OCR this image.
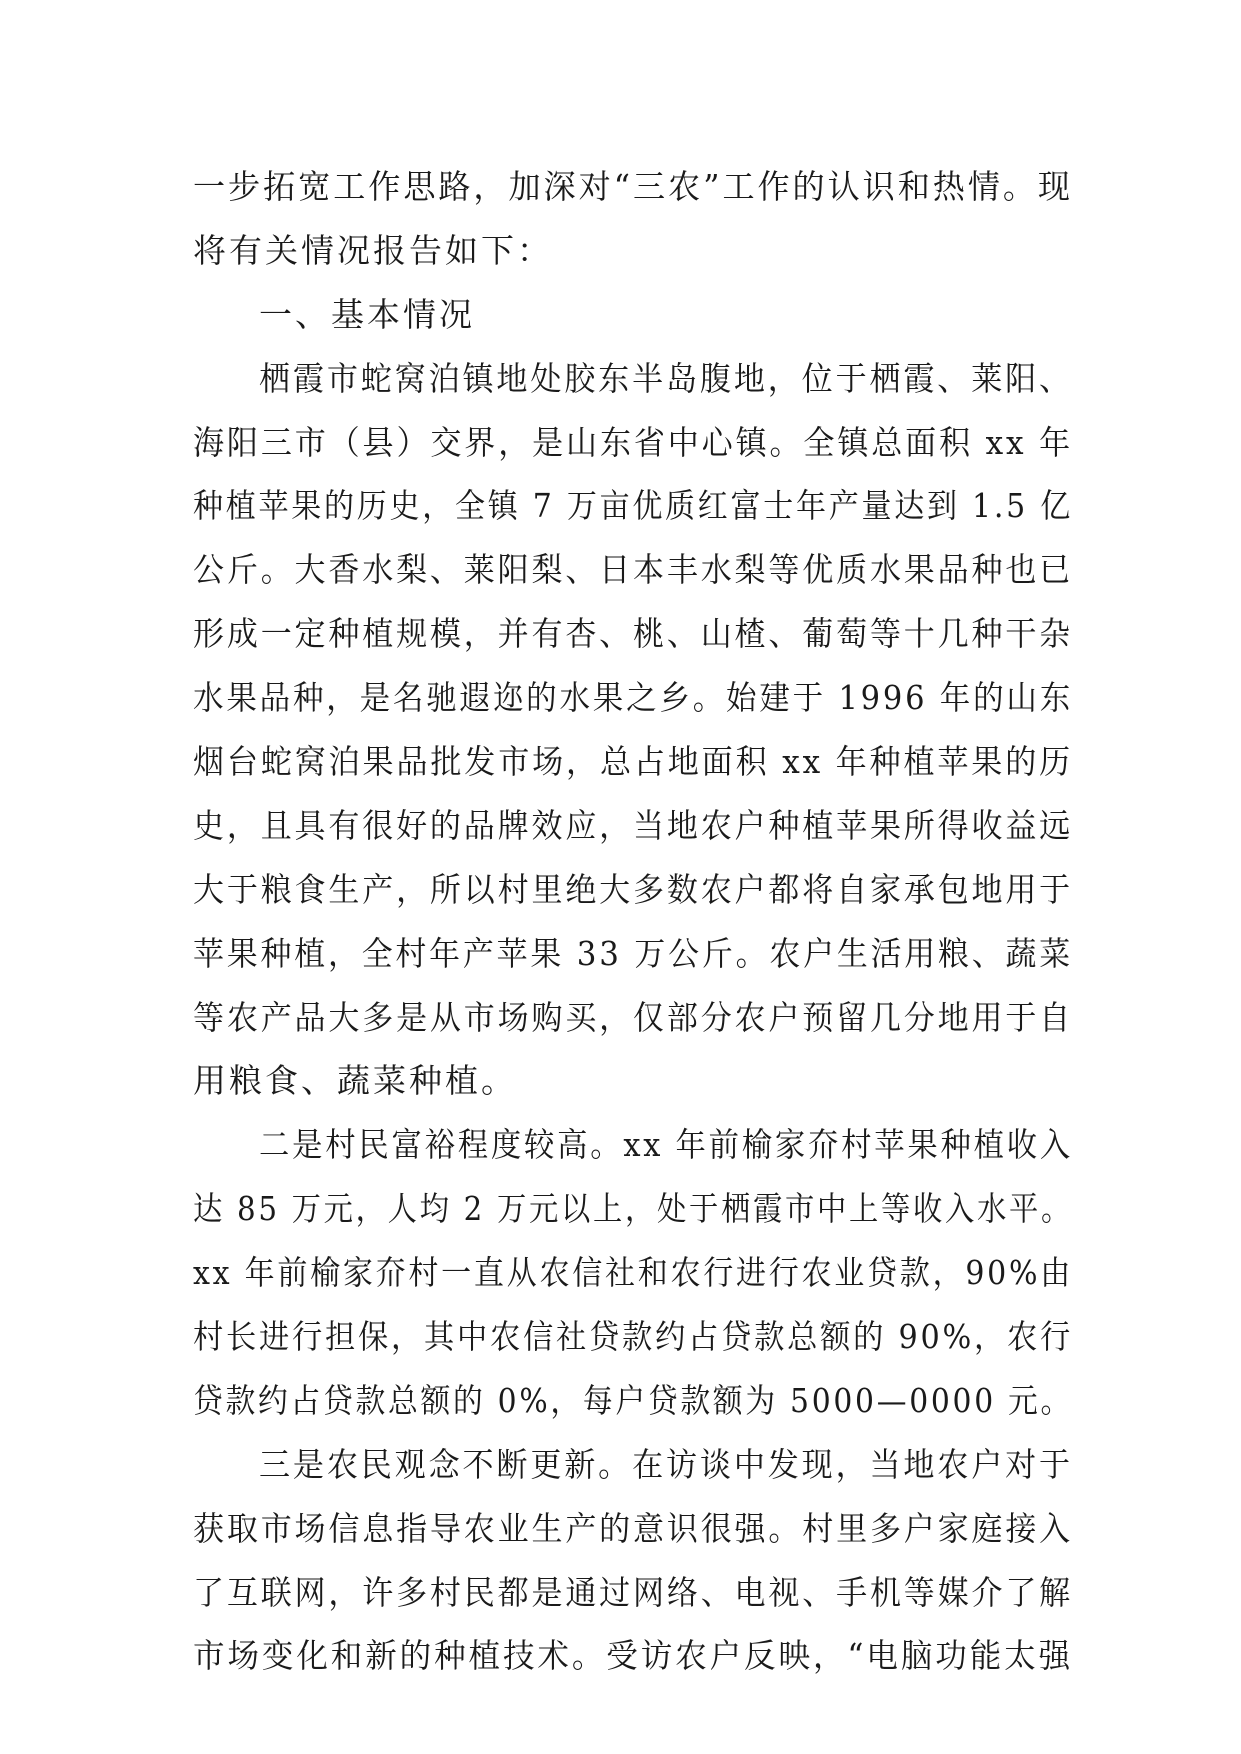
一步拓宽工作思路，加深对“三农”工作的认识和热情。现
将有关情况报告如下：
一、基本情况
栖霞市蛇窝泊镇地处胶东半岛腹地，位于栖霞、莱阳、
海阳三市（县）交界，是山东省中心镇。全镇总面积 xx 年
种植苹果的历史，全镇 7 万亩优质红富士年产量达到 1.5 亿
公斤。大香水梨、莱阳梨、日本丰水梨等优质水果品种也已
形成一定种植规模，并有杏、桃、山楂、葡萄等十几种干杂
水果品种，是名驰遐迩的水果之乡。始建于 1996 年的山东
烟台蛇窝泊果品批发市场，总占地面积 xx 年种植苹果的历
史，且具有很好的品牌效应，当地农户种植苹果所得收益远
大于粮食生产，所以村里绝大多数农户都将自家承包地用于
苹果种植，全村年产苹果 33 万公斤。农户生活用粮、蔬菜
等农产品大多是从市场购买，仅部分农户预留几分地用于自
用粮食、蔬菜种植。
二是村民富裕程度较高。xx 年前榆家夼村苹果种植收入
达 85 万元，人均 2 万元以上，处于栖霞市中上等收入水平。
xx 年前榆家夼村一直从农信社和农行进行农业贷款，90%由
村长进行担保，其中农信社贷款约占贷款总额的 90%，农行
贷款约占贷款总额的 0%，每户贷款额为 5000—0000 元。
三是农民观念不断更新。在访谈中发现，当地农户对于
获取市场信息指导农业生产的意识很强。村里多户家庭接入
了互联网，许多村民都是通过网络、电视、手机等媒介了解
市场变化和新的种植技术。受访农户反映，“电脑功能太强
